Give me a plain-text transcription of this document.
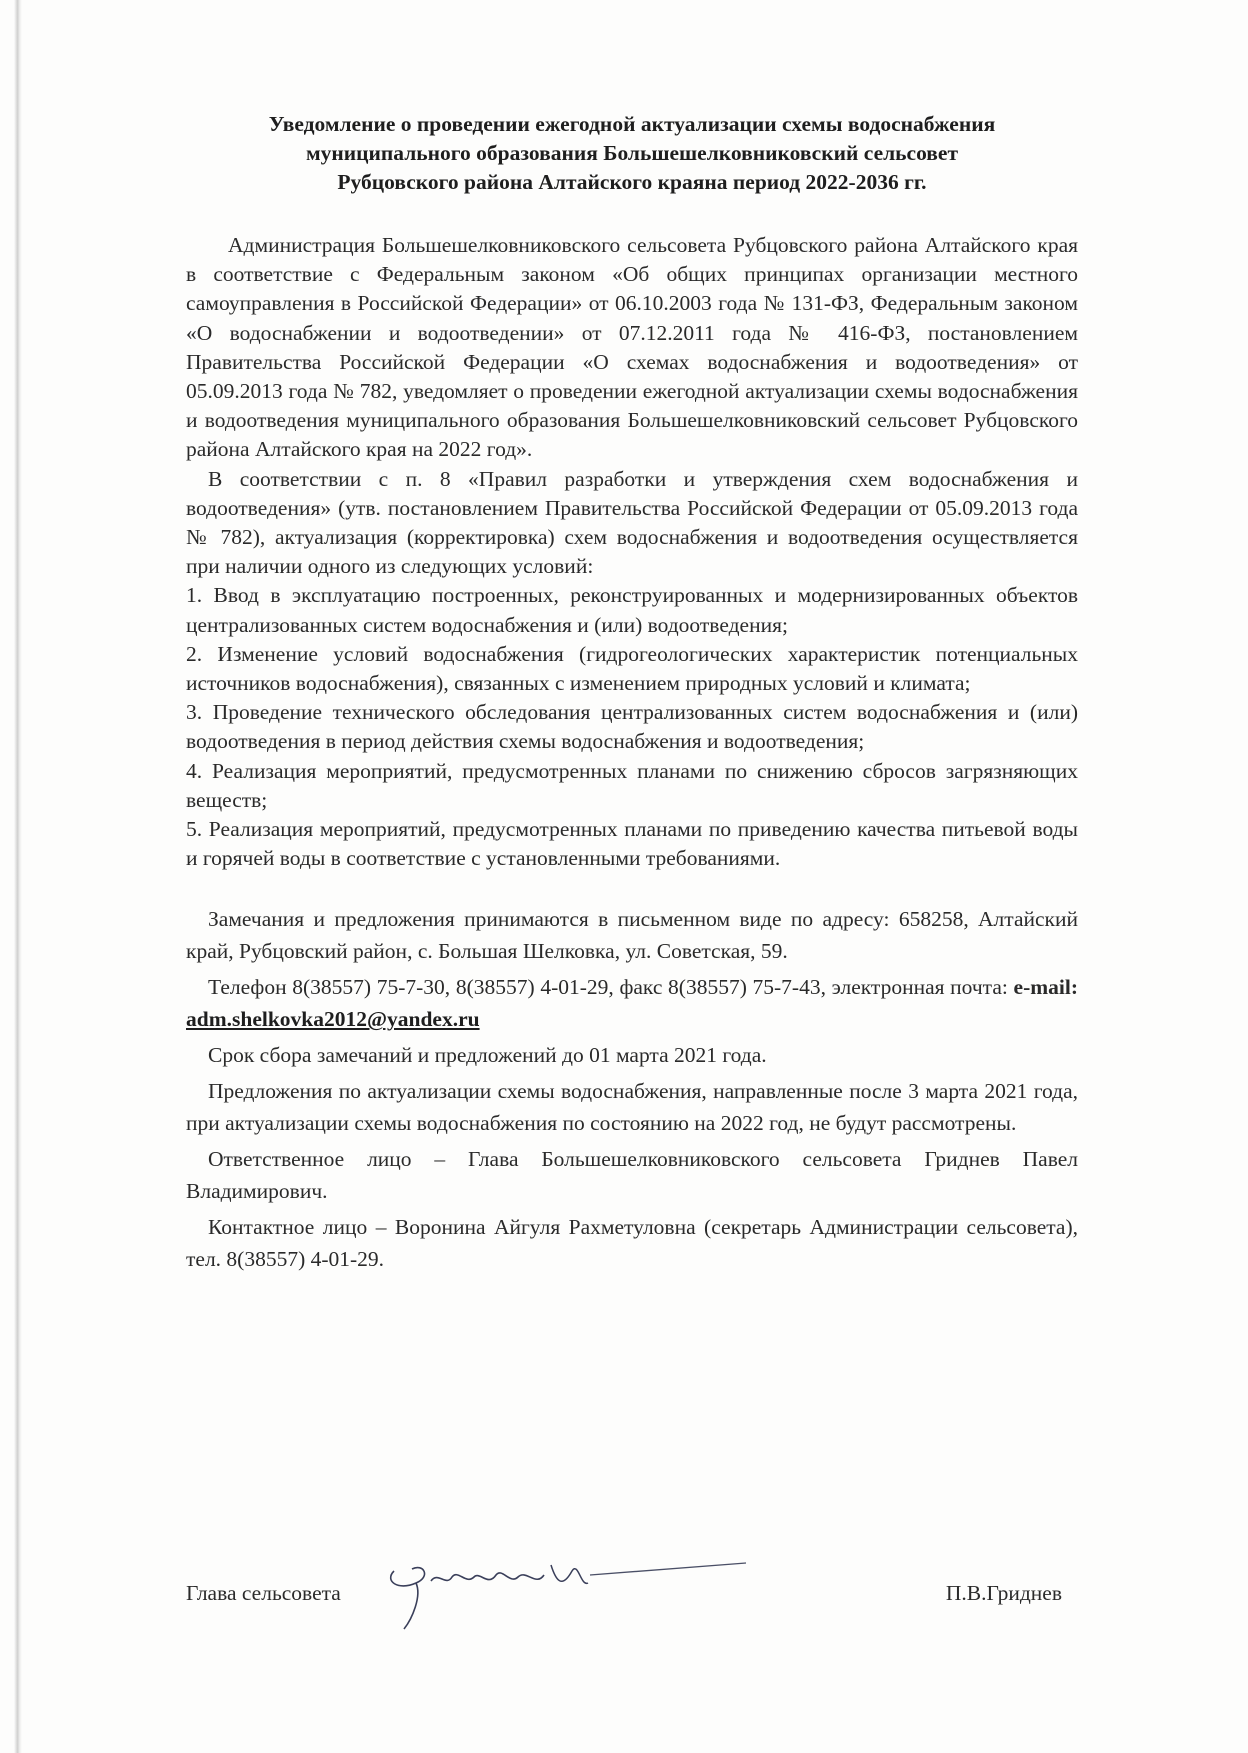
Уведомление о проведении ежегодной актуализации схемы водоснабжения
муниципального образования Большешелковниковский сельсовет
Рубцовского района Алтайского краяна период 2022-2036 гг.

Администрация Большешелковниковского сельсовета Рубцовского района Алтайского края в соответствие с Федеральным законом «Об общих принципах организации местного самоуправления в Российской Федерации» от 06.10.2003 года № 131-ФЗ, Федеральным законом «О водоснабжении и водоотведении» от 07.12.2011 года № 416-ФЗ, постановлением Правительства Российской Федерации «О схемах водоснабжения и водоотведения» от 05.09.2013 года № 782, уведомляет о проведении ежегодной актуализации схемы водоснабжения и водоотведения муниципального образования Большешелковниковский сельсовет Рубцовского района Алтайского края на 2022 год».

В соответствии с п. 8 «Правил разработки и утверждения схем водоснабжения и водоотведения» (утв. постановлением Правительства Российской Федерации от 05.09.2013 года № 782), актуализация (корректировка) схем водоснабжения и водоотведения осуществляется при наличии одного из следующих условий:

1. Ввод в эксплуатацию построенных, реконструированных и модернизированных объектов централизованных систем водоснабжения и (или) водоотведения;

2. Изменение условий водоснабжения (гидрогеологических характеристик потенциальных источников водоснабжения), связанных с изменением природных условий и климата;

3. Проведение технического обследования централизованных систем водоснабжения и (или) водоотведения в период действия схемы водоснабжения и водоотведения;

4. Реализация мероприятий, предусмотренных планами по снижению сбросов загрязняющих веществ;

5. Реализация мероприятий, предусмотренных планами по приведению качества питьевой воды и горячей воды в соответствие с установленными требованиями.

Замечания и предложения принимаются в письменном виде по адресу: 658258, Алтайский край, Рубцовский район, с. Большая Шелковка, ул. Советская, 59.

Телефон 8(38557) 75-7-30, 8(38557) 4-01-29, факс 8(38557) 75-7-43, электронная почта: e-mail: adm.shelkovka2012@yandex.ru

Срок сбора замечаний и предложений до 01 марта 2021 года.

Предложения по актуализации схемы водоснабжения, направленные после 3 марта 2021 года, при актуализации схемы водоснабжения по состоянию на 2022 год, не будут рассмотрены.

Ответственное лицо – Глава Большешелковниковского сельсовета Гриднев Павел Владимирович.

Контактное лицо – Воронина Айгуля Рахметуловна (секретарь Администрации сельсовета), тел. 8(38557) 4-01-29.

Глава сельсовета	П.В.Гриднев
